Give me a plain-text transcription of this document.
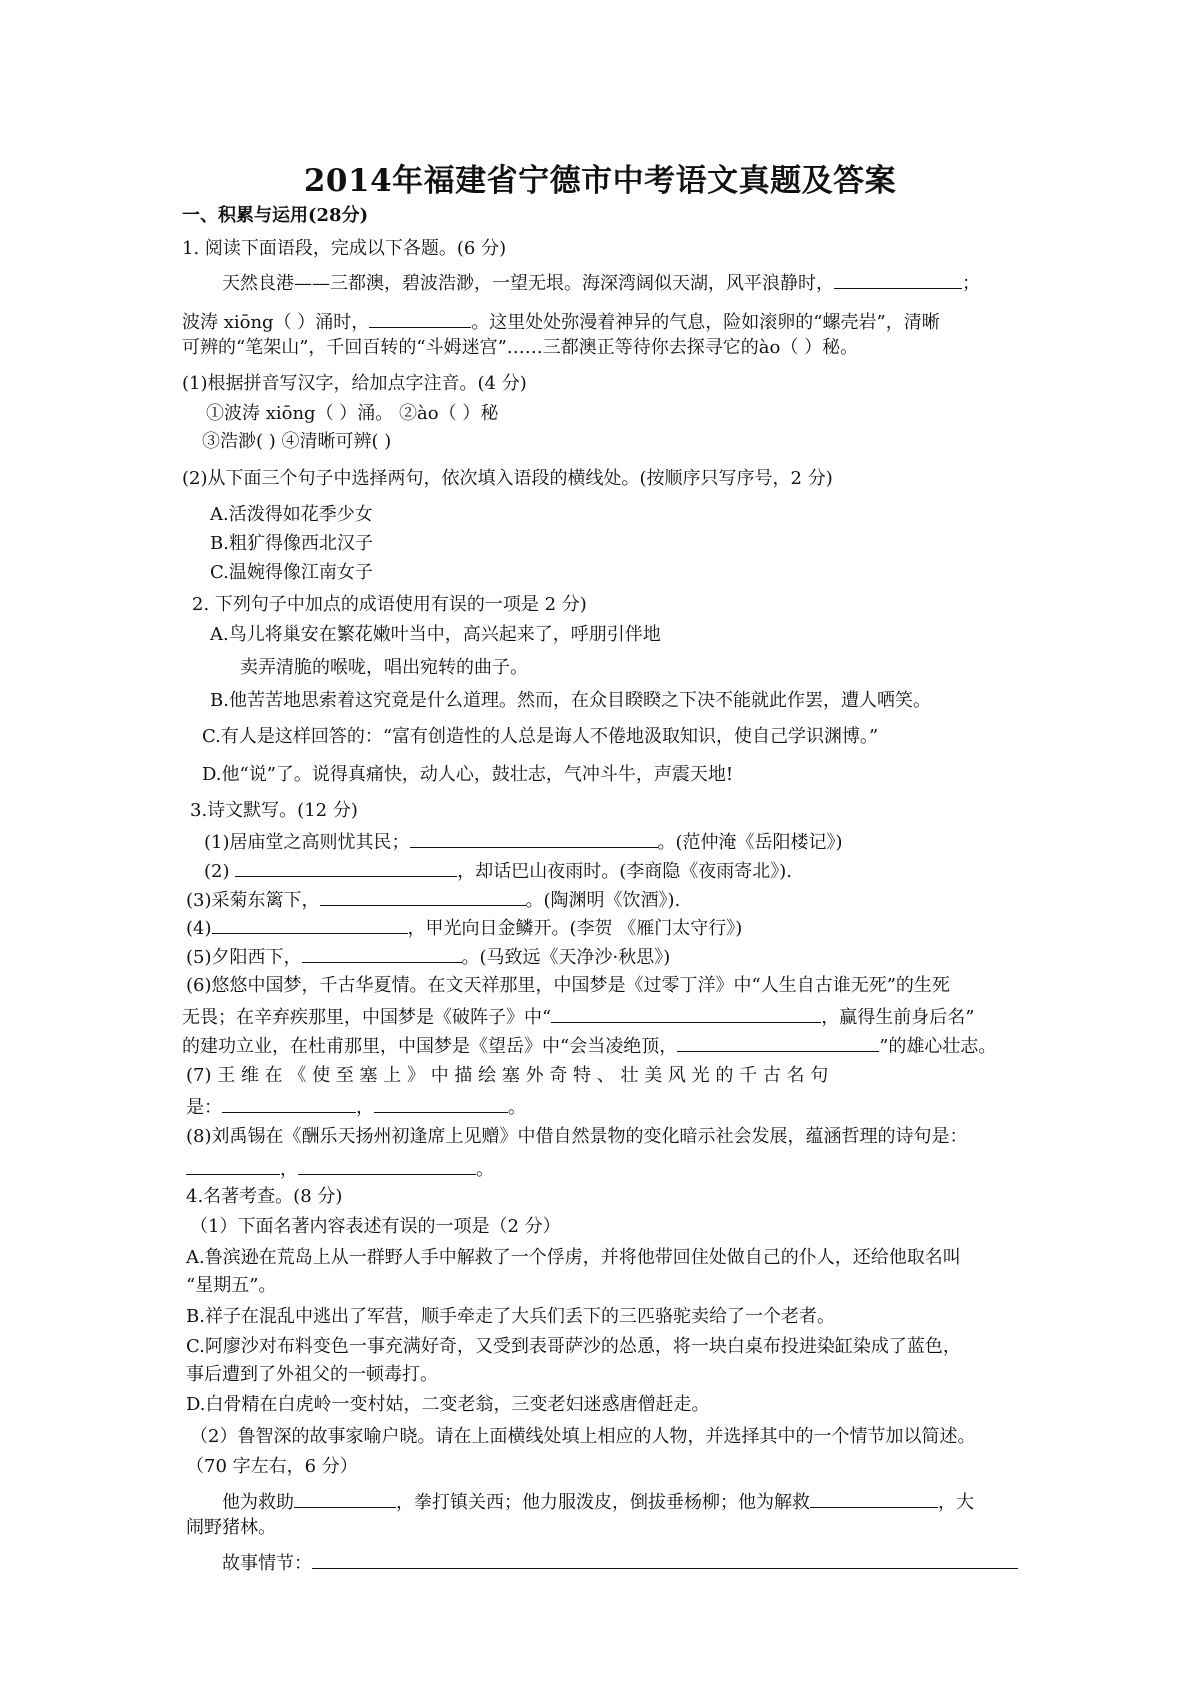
2014年福建省宁德市中考语文真题及答案
一、积累与运用(28分)
1. 阅读下面语段，完成以下各题。(6 分)
天然良港——三都澳，碧波浩渺，一望无垠。海深湾阔似天湖，风平浪静时，	；
波涛 xiōng（ ）涌时，	。这里处处弥漫着神异的气息，险如滚卵的“螺壳岩”，清晰
可辨的“笔架山”，千回百转的“斗姆迷宫”……三都澳正等待你去探寻它的ào（ ）秘。
(1)根据拼音写汉字，给加点字注音。(4 分)
①波涛 xiōng（ ）涌。 ②ào（ ）秘
③浩渺( ) ④清晰可辨( )
(2)从下面三个句子中选择两句，依次填入语段的横线处。(按顺序只写序号，2 分)
A.活泼得如花季少女
B.粗犷得像西北汉子
C.温婉得像江南女子
2. 下列句子中加点的成语使用有误的一项是 2 分)
A.鸟儿将巢安在繁花嫩叶当中，高兴起来了，呼朋引伴地
卖弄清脆的喉咙，唱出宛转的曲子。
B.他苦苦地思索着这究竟是什么道理。然而，在众目睽睽之下决不能就此作罢，遭人哂笑。
C.有人是这样回答的：“富有创造性的人总是诲人不倦地汲取知识，使自己学识渊博。”
D.他“说”了。说得真痛快，动人心，鼓壮志，气冲斗牛，声震天地!
3.诗文默写。(12 分)
(1)居庙堂之高则忧其民；	。(范仲淹《岳阳楼记》)
(2)	，却话巴山夜雨时。(李商隐《夜雨寄北》).
(3)采菊东篱下，	。(陶渊明《饮酒》).
(4)	，甲光向日金鳞开。(李贺 《雁门太守行》)
(5)夕阳西下，	。(马致远《天净沙·秋思》)
(6)悠悠中国梦，千古华夏情。在文天祥那里，中国梦是《过零丁洋》中“人生自古谁无死”的生死
无畏；在辛弃疾那里，中国梦是《破阵子》中“	，赢得生前身后名”
的建功立业，在杜甫那里，中国梦是《望岳》中“会当凌绝顶，	”的雄心壮志。
(7) 王 维 在 《 使 至 塞 上 》 中 描 绘 塞 外 奇 特 、 壮 美 风 光 的 千 古 名 句
是：	，	。
(8)刘禹锡在《酬乐天扬州初逢席上见赠》中借自然景物的变化暗示社会发展，蕴涵哲理的诗句是：
，	。
4.名著考查。(8 分)
（1）下面名著内容表述有误的一项是（2 分）
A.鲁滨逊在荒岛上从一群野人手中解救了一个俘虏，并将他带回住处做自己的仆人，还给他取名叫
“星期五”。
B.祥子在混乱中逃出了军营，顺手牵走了大兵们丢下的三匹骆驼卖给了一个老者。
C.阿廖沙对布料变色一事充满好奇，又受到表哥萨沙的怂恿，将一块白桌布投进染缸染成了蓝色，
事后遭到了外祖父的一顿毒打。
D.白骨精在白虎岭一变村姑，二变老翁，三变老妇迷惑唐僧赶走。
（2）鲁智深的故事家喻户晓。请在上面横线处填上相应的人物，并选择其中的一个情节加以简述。
（70 字左右，6 分）
他为救助	，拳打镇关西；他力服泼皮，倒拔垂杨柳；他为解救	，大
闹野猪林。
故事情节：
